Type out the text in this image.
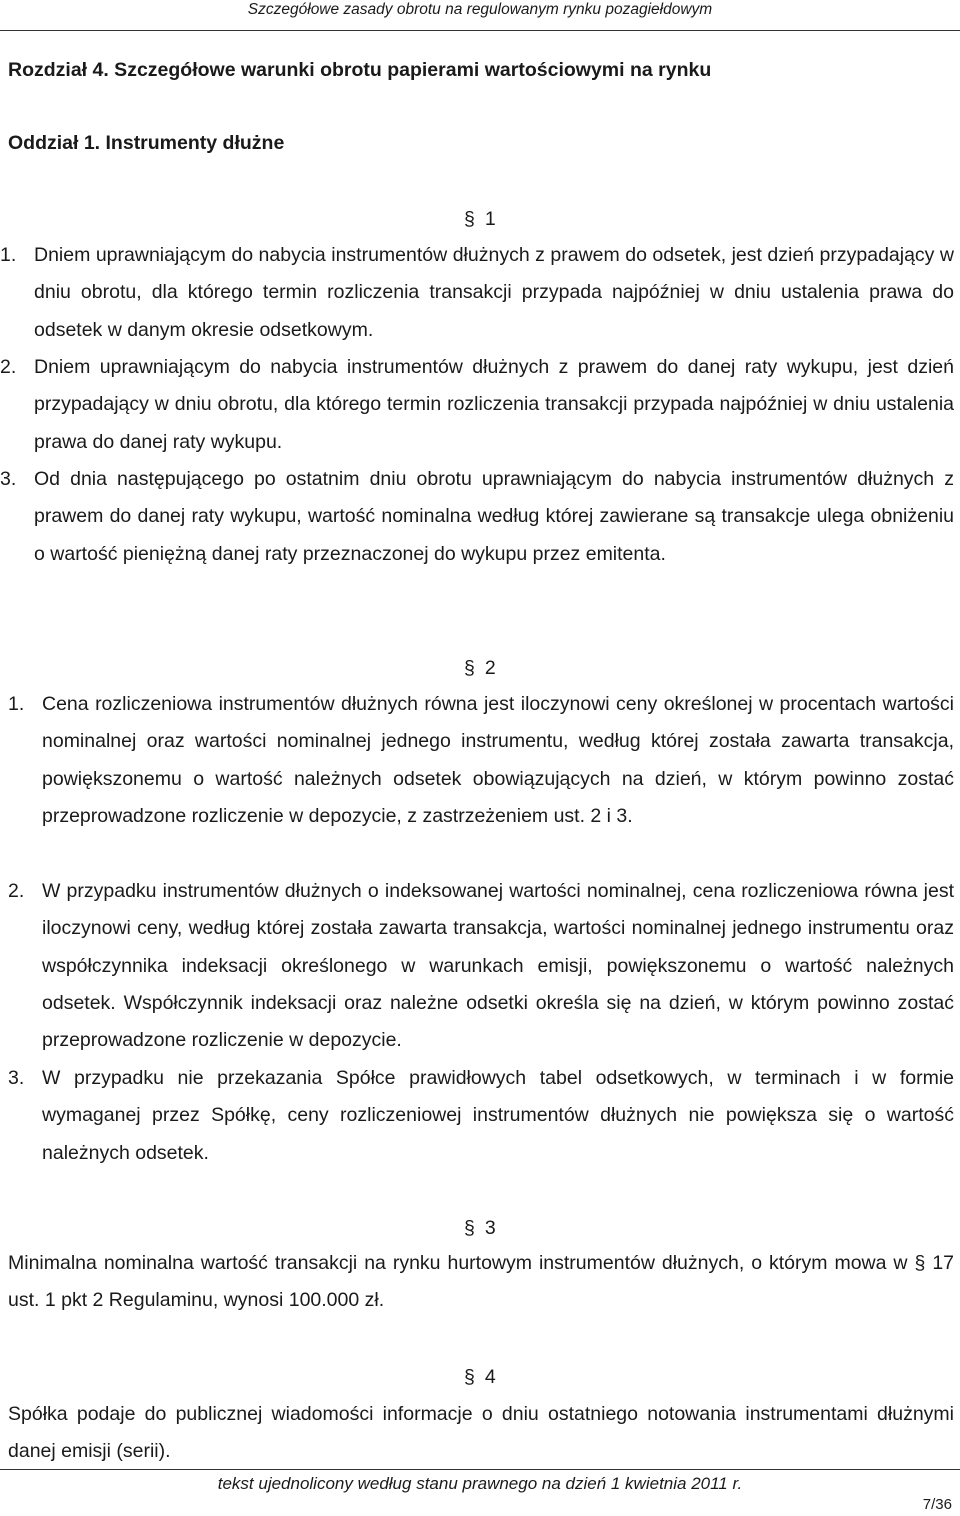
Szczegółowe zasady obrotu na regulowanym rynku pozagiełdowym
Rozdział 4. Szczegółowe warunki obrotu papierami wartościowymi na rynku
Oddział 1. Instrumenty dłużne
§ 1
1. Dniem uprawniającym do nabycia instrumentów dłużnych z prawem do odsetek, jest dzień przypadający w dniu obrotu, dla którego termin rozliczenia transakcji przypada najpóźniej w dniu ustalenia prawa do odsetek w danym okresie odsetkowym.
2. Dniem uprawniającym do nabycia instrumentów dłużnych z prawem do danej raty wykupu, jest dzień przypadający w dniu obrotu, dla którego termin rozliczenia transakcji przypada najpóźniej w dniu ustalenia prawa do danej raty wykupu.
3. Od dnia następującego po ostatnim dniu obrotu uprawniającym do nabycia instrumentów dłużnych z prawem do danej raty wykupu, wartość nominalna według której zawierane są transakcje ulega obniżeniu o wartość pieniężną danej raty przeznaczonej do wykupu przez emitenta.
§ 2
1. Cena rozliczeniowa instrumentów dłużnych równa jest iloczynowi ceny określonej w procentach wartości nominalnej oraz wartości nominalnej jednego instrumentu, według której została zawarta transakcja, powiększonemu o wartość należnych odsetek obowiązujących na dzień, w którym powinno zostać przeprowadzone rozliczenie w depozycie, z zastrzeżeniem ust. 2 i 3.
2. W przypadku instrumentów dłużnych o indeksowanej wartości nominalnej, cena rozliczeniowa równa jest iloczynowi ceny, według której została zawarta transakcja, wartości nominalnej jednego instrumentu oraz współczynnika indeksacji określonego w warunkach emisji, powiększonemu o wartość należnych odsetek. Współczynnik indeksacji oraz należne odsetki określa się na dzień, w którym powinno zostać przeprowadzone rozliczenie w depozycie.
3. W przypadku nie przekazania Spółce prawidłowych tabel odsetkowych, w terminach i w formie wymaganej przez Spółkę, ceny rozliczeniowej instrumentów dłużnych nie powiększa się o wartość należnych odsetek.
§ 3
Minimalna nominalna wartość transakcji na rynku hurtowym instrumentów dłużnych, o którym mowa w § 17 ust. 1 pkt 2 Regulaminu, wynosi 100.000 zł.
§ 4
Spółka podaje do publicznej wiadomości informacje o dniu ostatniego notowania instrumentami dłużnymi danej emisji (serii).
tekst ujednolicony według stanu prawnego na dzień 1 kwietnia 2011 r.
7/36
